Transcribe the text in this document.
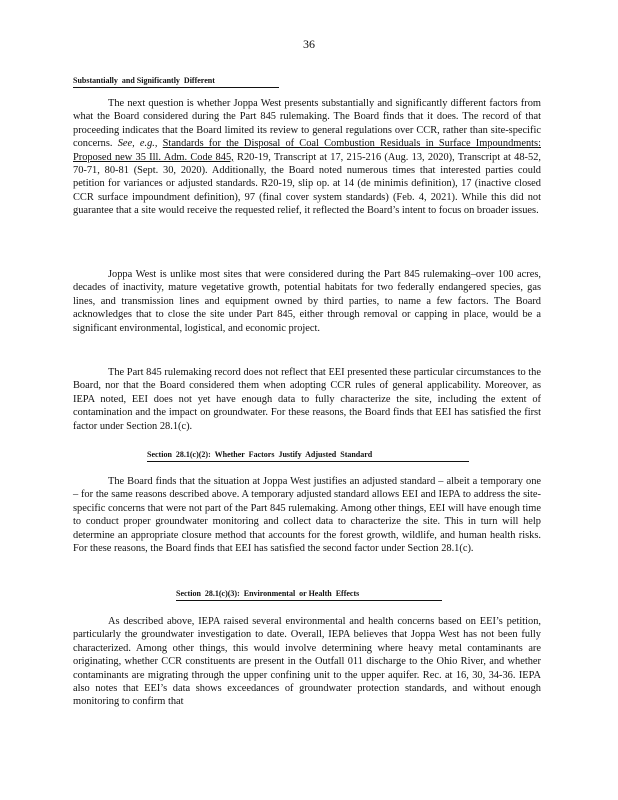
36
Substantially  and Significantly  Different

The next question is whether Joppa West presents substantially and significantly different factors from what the Board considered during the Part 845 rulemaking. The Board finds that it does. The record of that proceeding indicates that the Board limited its review to general regulations over CCR, rather than site-specific concerns. See, e.g., Standards for the Disposal of Coal Combustion Residuals in Surface Impoundments: Proposed new 35 Ill. Adm. Code 845, R20-19, Transcript at 17, 215-216 (Aug. 13, 2020), Transcript at 48-52, 70-71, 80-81 (Sept. 30, 2020). Additionally, the Board noted numerous times that interested parties could petition for variances or adjusted standards. R20-19, slip op. at 14 (de minimis definition), 17 (inactive closed CCR surface impoundment definition), 97 (final cover system standards) (Feb. 4, 2021). While this did not guarantee that a site would receive the requested relief, it reflected the Board’s intent to focus on broader issues.

Joppa West is unlike most sites that were considered during the Part 845 rulemaking–over 100 acres, decades of inactivity, mature vegetative growth, potential habitats for two federally endangered species, gas lines, and transmission lines and equipment owned by third parties, to name a few factors. The Board acknowledges that to close the site under Part 845, either through removal or capping in place, would be a significant environmental, logistical, and economic project.

The Part 845 rulemaking record does not reflect that EEI presented these particular circumstances to the Board, nor that the Board considered them when adopting CCR rules of general applicability. Moreover, as IEPA noted, EEI does not yet have enough data to fully characterize the site, including the extent of contamination and the impact on groundwater. For these reasons, the Board finds that EEI has satisfied the first factor under Section 28.1(c).

Section  28.1(c)(2):  Whether  Factors  Justify  Adjusted  Standard

The Board finds that the situation at Joppa West justifies an adjusted standard – albeit a temporary one – for the same reasons described above. A temporary adjusted standard allows EEI and IEPA to address the site-specific concerns that were not part of the Part 845 rulemaking. Among other things, EEI will have enough time to conduct proper groundwater monitoring and collect data to characterize the site. This in turn will help determine an appropriate closure method that accounts for the forest growth, wildlife, and human health risks. For these reasons, the Board finds that EEI has satisfied the second factor under Section 28.1(c).

Section  28.1(c)(3):  Environmental  or Health  Effects

As described above, IEPA raised several environmental and health concerns based on EEI’s petition, particularly the groundwater investigation to date. Overall, IEPA believes that Joppa West has not been fully characterized. Among other things, this would involve determining where heavy metal contaminants are originating, whether CCR constituents are present in the Outfall 011 discharge to the Ohio River, and whether contaminants are migrating through the upper confining unit to the upper aquifer. Rec. at 16, 30, 34-36. IEPA also notes that EEI’s data shows exceedances of groundwater protection standards, and without enough monitoring to confirm that
